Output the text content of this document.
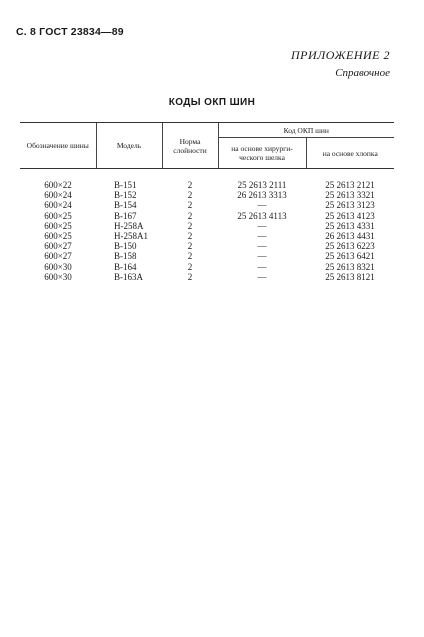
С. 8 ГОСТ 23834—89
ПРИЛОЖЕНИЕ 2
Справочное
КОДЫ ОКП ШИН
Обозначение шины	Модель	Норма слойности	Код ОКП шин	
			на основе хирурги-ческого шелка	на основе хлопка
600×22	В-151	2	25 2613 2111	25 2613 2121
600×24	В-152	2	26 2613 3313	25 2613 3321
600×24	В-154	2	—	25 2613 3123
600×25	В-167	2	25 2613 4113	25 2613 4123
600×25	Н-258А	2	—	25 2613 4331
600×25	Н-258А1	2	—	26 2613 4431
600×27	В-150	2	—	25 2613 6223
600×27	В-158	2	—	25 2613 6421
600×30	В-164	2	—	25 2613 8321
600×30	В-163А	2	—	25 2613 8121
